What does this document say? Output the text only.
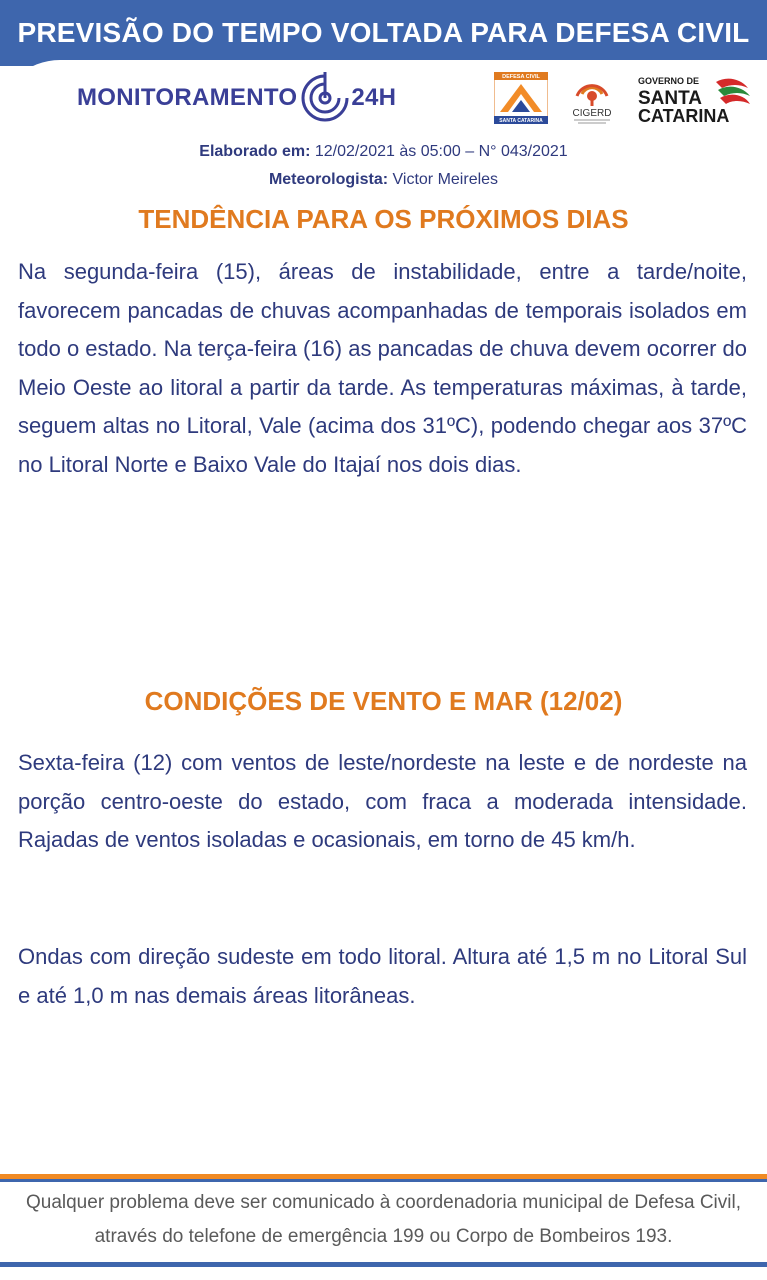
PREVISÃO DO TEMPO VOLTADA PARA DEFESA CIVIL
MONITORAMENTO 24H
DEFESA CIVIL
SANTA CATARINA
CIGERD
GOVERNO DE
SANTA
CATARINA
Elaborado em: 12/02/2021 às 05:00 – N° 043/2021
Meteorologista: Victor Meireles
TENDÊNCIA PARA OS PRÓXIMOS DIAS
Na segunda-feira (15), áreas de instabilidade, entre a tarde/noite, favorecem pancadas de chuvas acompanhadas de temporais isolados em todo o estado. Na terça-feira (16) as pancadas de chuva devem ocorrer do Meio Oeste ao litoral a partir da tarde. As temperaturas máximas, à tarde, seguem altas no Litoral, Vale (acima dos 31ºC), podendo chegar aos 37ºC no Litoral Norte e Baixo Vale do Itajaí nos dois dias.
CONDIÇÕES DE VENTO E MAR (12/02)
Sexta-feira (12) com ventos de leste/nordeste na leste e de nordeste na porção centro-oeste do estado, com fraca a moderada intensidade. Rajadas de ventos isoladas e ocasionais, em torno de 45 km/h.
Ondas com direção sudeste em todo litoral. Altura até 1,5 m no Litoral Sul e até 1,0 m nas demais áreas litorâneas.
Qualquer problema deve ser comunicado à coordenadoria municipal de Defesa Civil,
através do telefone de emergência 199 ou Corpo de Bombeiros 193.
